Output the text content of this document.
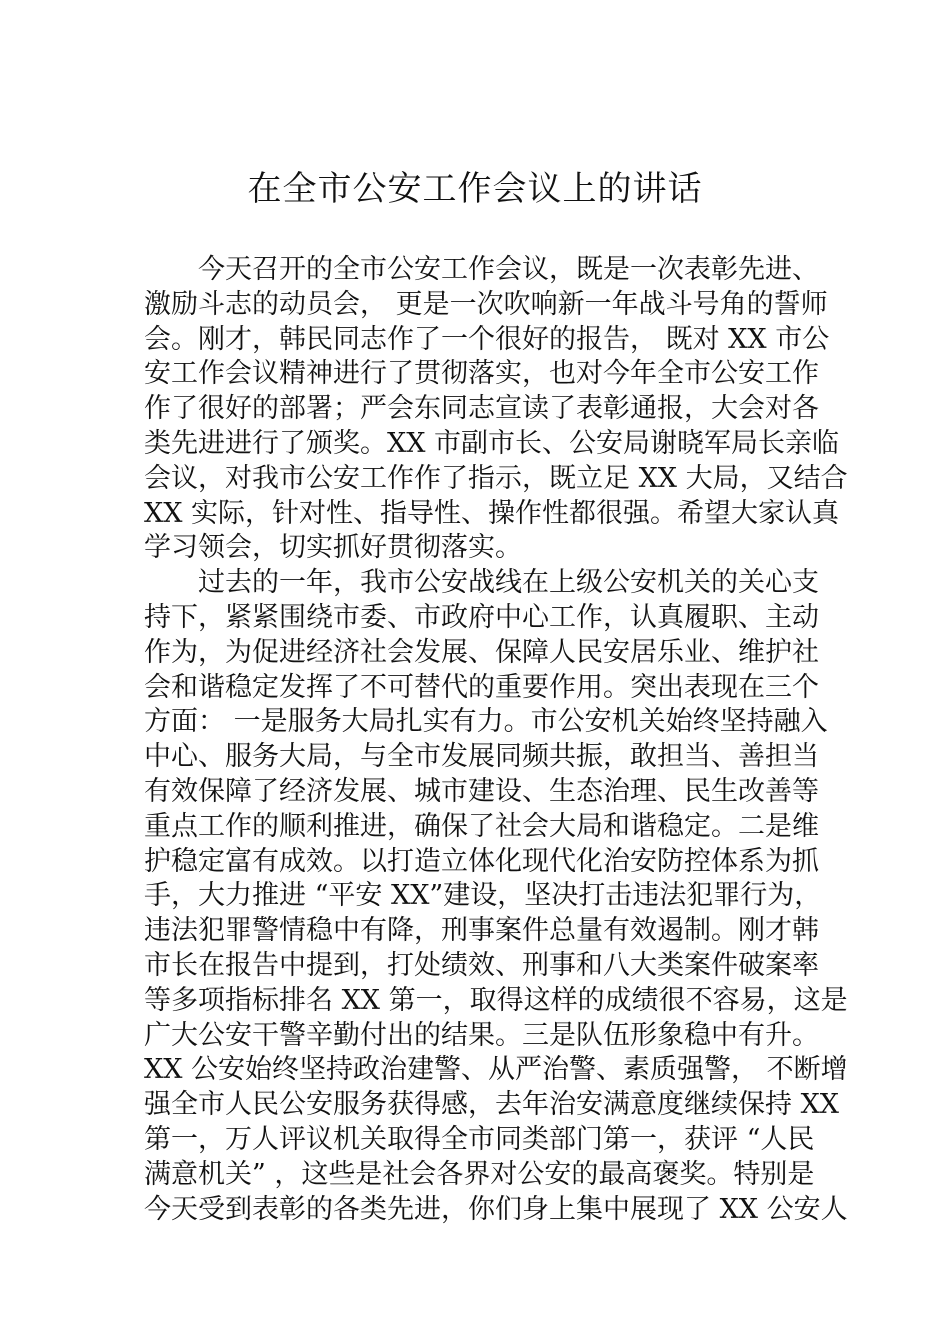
在全市公安工作会议上的讲话
今天召开的全市公安工作会议，既是一次表彰先进、
激励斗志的动员会， 更是一次吹响新一年战斗号角的誓师
会。刚才，韩民同志作了一个很好的报告， 既对 XX 市公
安工作会议精神进行了贯彻落实，也对今年全市公安工作
作了很好的部署；严会东同志宣读了表彰通报，大会对各
类先进进行了颁奖。XX 市副市长、公安局谢晓军局长亲临
会议，对我市公安工作作了指示，既立足 XX 大局，又结合
XX 实际，针对性、指导性、操作性都很强。希望大家认真
学习领会，切实抓好贯彻落实。
过去的一年，我市公安战线在上级公安机关的关心支
持下，紧紧围绕市委、市政府中心工作，认真履职、主动
作为，为促进经济社会发展、保障人民安居乐业、维护社
会和谐稳定发挥了不可替代的重要作用。突出表现在三个
方面： 一是服务大局扎实有力。市公安机关始终坚持融入
中心、服务大局，与全市发展同频共振，敢担当、善担当
有效保障了经济发展、城市建设、生态治理、民生改善等
重点工作的顺利推进，确保了社会大局和谐稳定。二是维
护稳定富有成效。以打造立体化现代化治安防控体系为抓
手，大力推进 “平安 XX”建设，坚决打击违法犯罪行为，
违法犯罪警情稳中有降，刑事案件总量有效遏制。刚才韩
市长在报告中提到，打处绩效、刑事和八大类案件破案率
等多项指标排名 XX 第一，取得这样的成绩很不容易，这是
广大公安干警辛勤付出的结果。三是队伍形象稳中有升。
XX 公安始终坚持政治建警、从严治警、素质强警， 不断增
强全市人民公安服务获得感，去年治安满意度继续保持 XX
第一，万人评议机关取得全市同类部门第一，获评 “人民
满意机关” ，这些是社会各界对公安的最高褒奖。特别是
今天受到表彰的各类先进，你们身上集中展现了 XX 公安人
